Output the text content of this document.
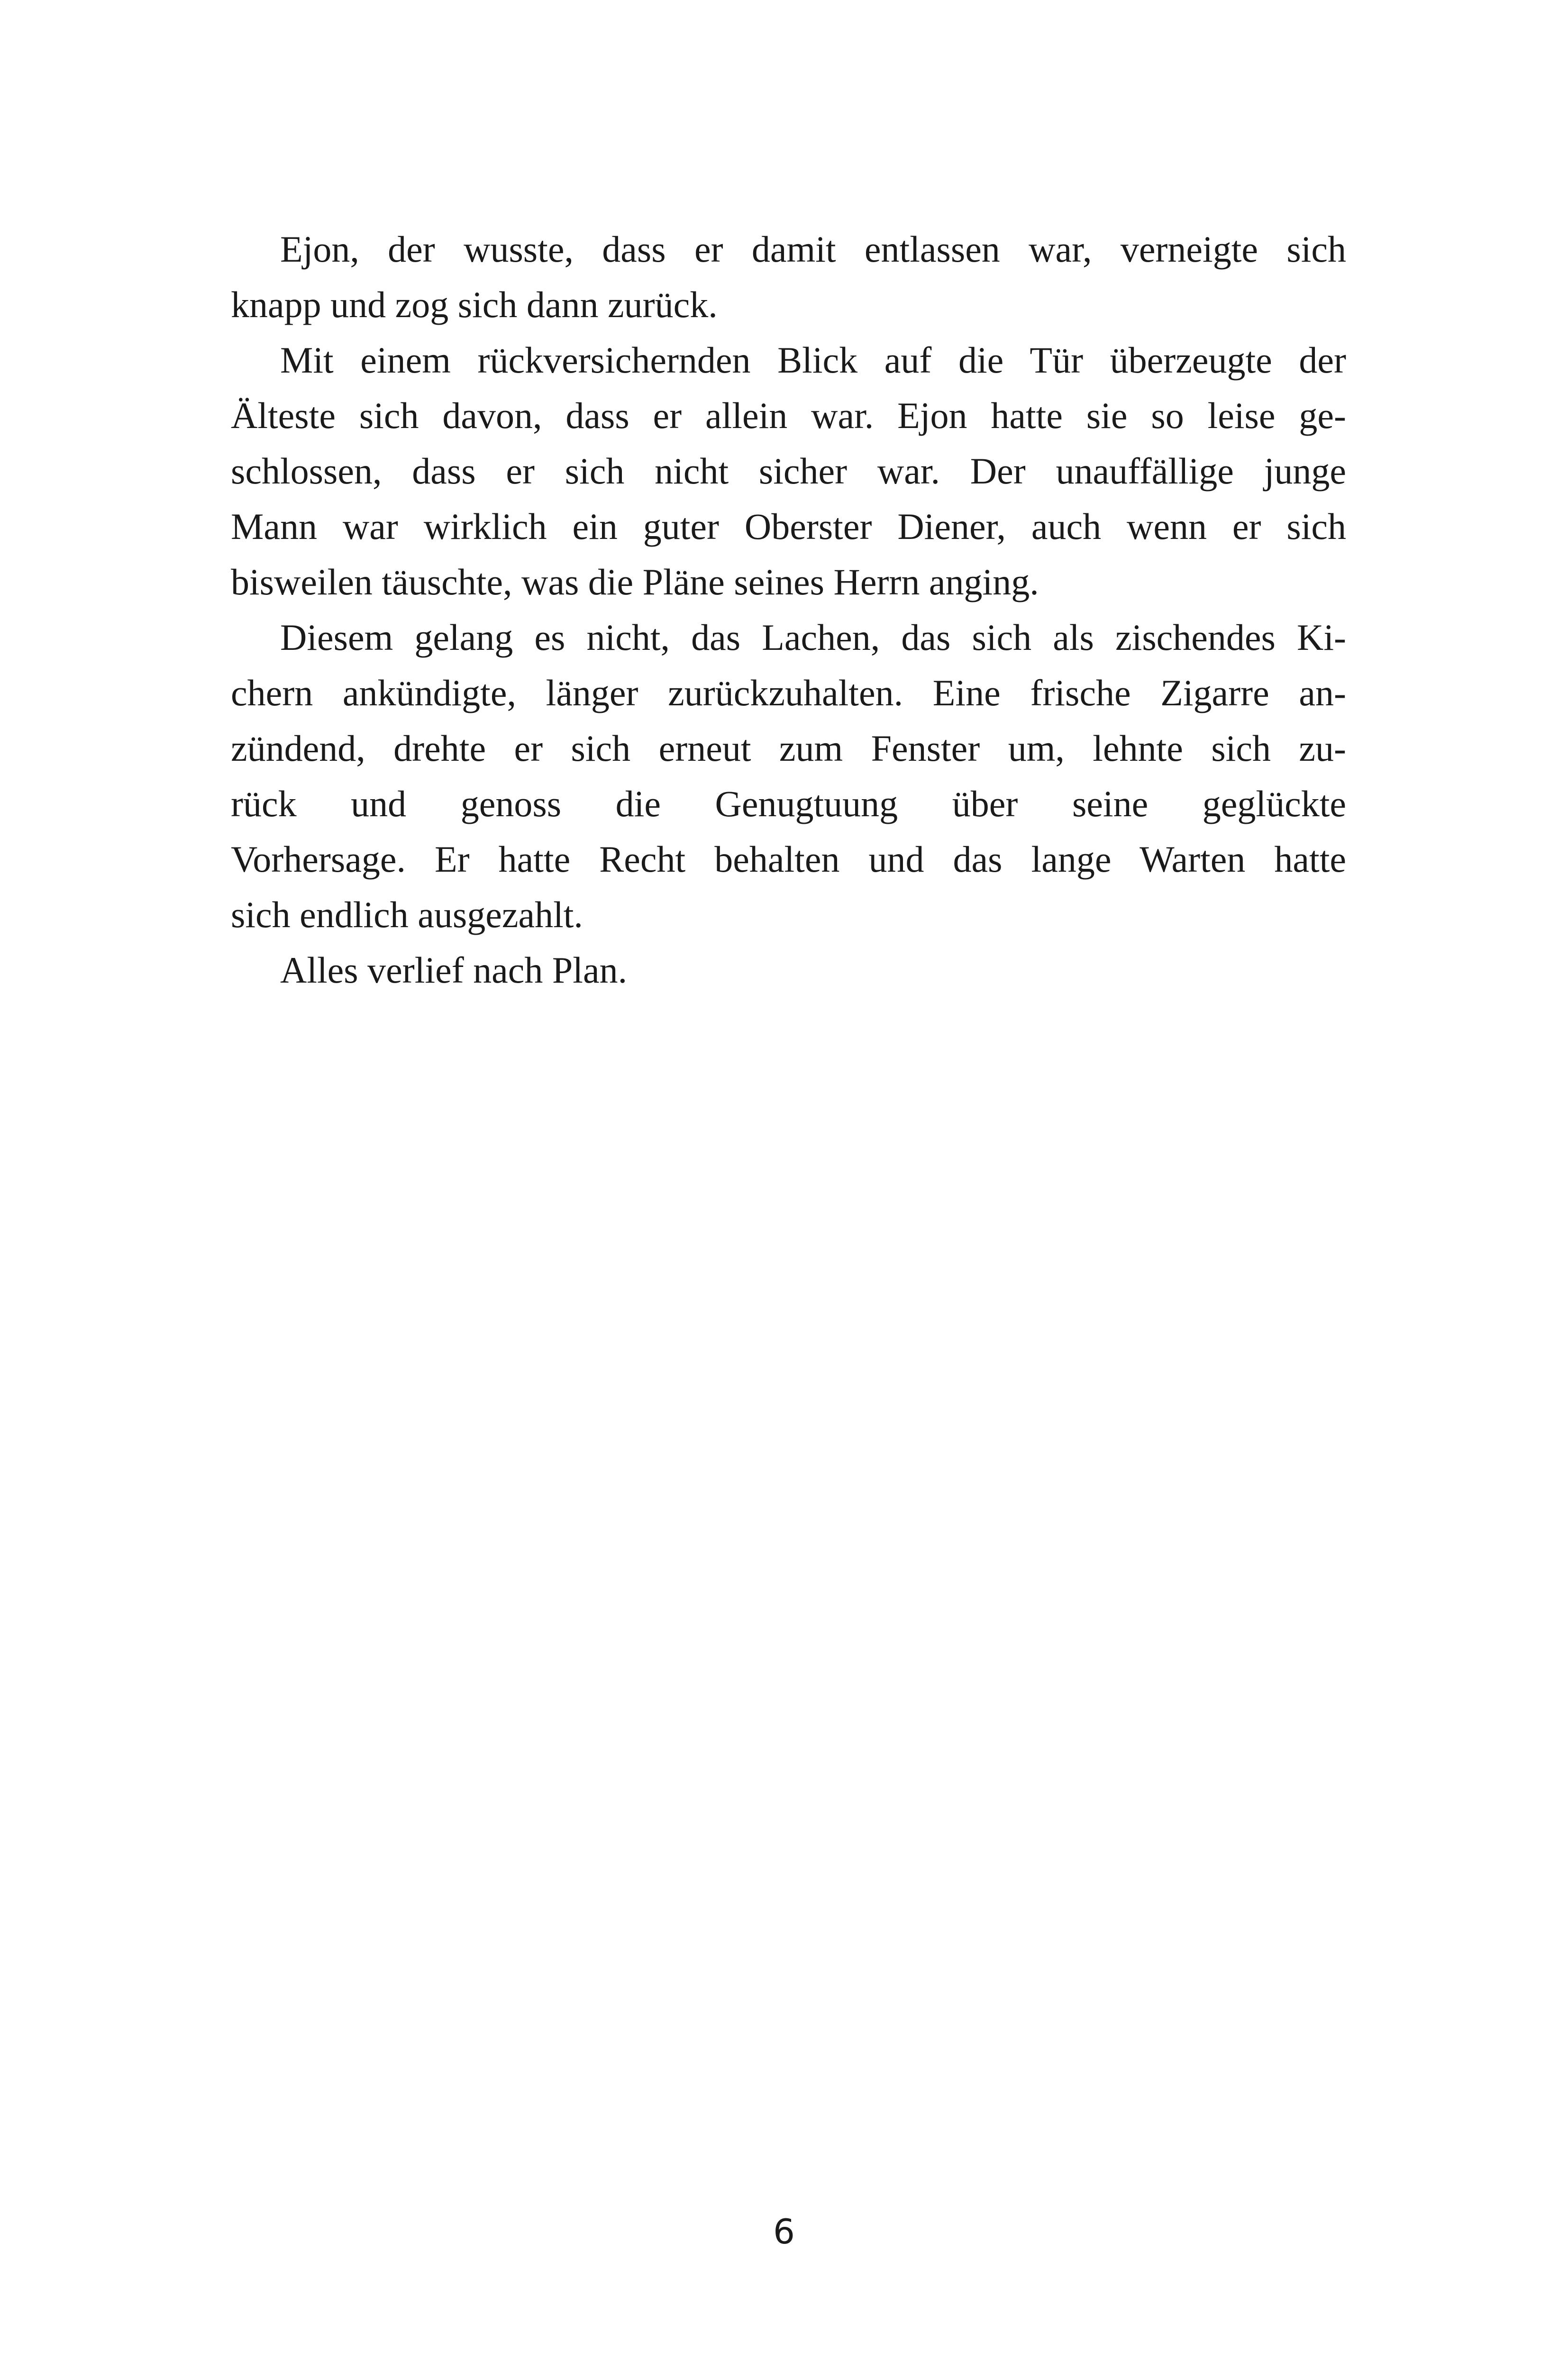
Ejon, der wusste, dass er damit entlassen war, verneigte sich
knapp und zog sich dann zurück.
Mit einem rückversichernden Blick auf die Tür überzeugte der
Älteste sich davon, dass er allein war. Ejon hatte sie so leise ge-
schlossen, dass er sich nicht sicher war. Der unauffällige junge
Mann war wirklich ein guter Oberster Diener, auch wenn er sich
bisweilen täuschte, was die Pläne seines Herrn anging.
Diesem gelang es nicht, das Lachen, das sich als zischendes Ki-
chern ankündigte, länger zurückzuhalten. Eine frische Zigarre an-
zündend, drehte er sich erneut zum Fenster um, lehnte sich zu-
rück und genoss die Genugtuung über seine geglückte
Vorhersage. Er hatte Recht behalten und das lange Warten hatte
sich endlich ausgezahlt.
Alles verlief nach Plan.
6
